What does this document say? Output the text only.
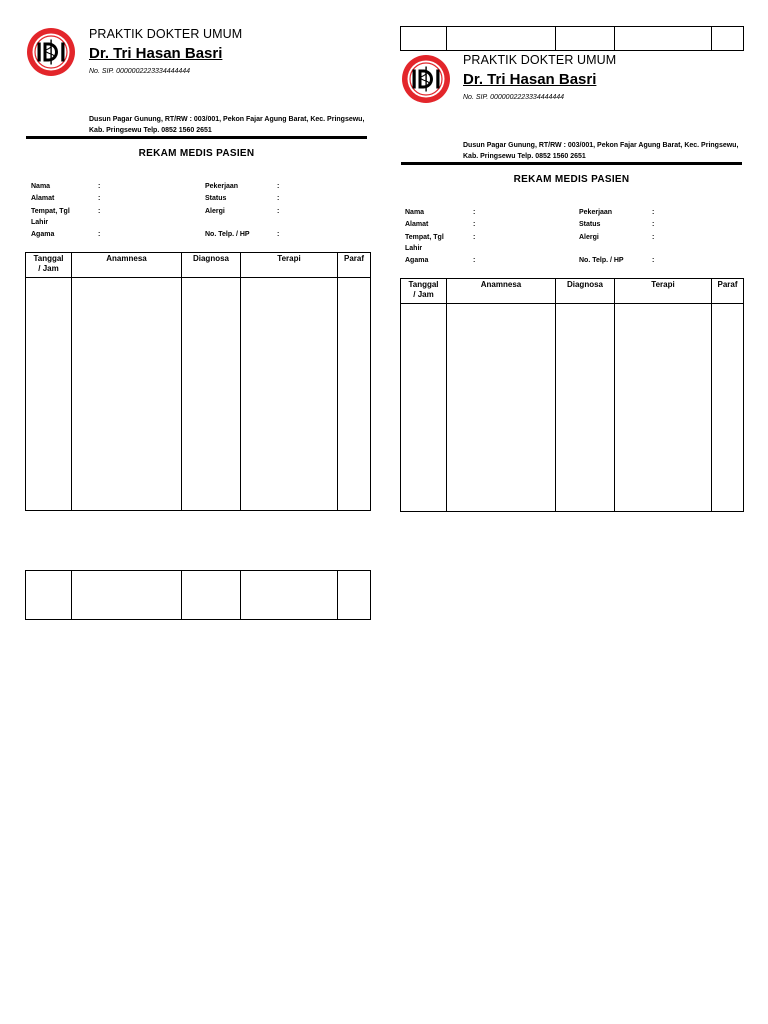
PRAKTIK DOKTER UMUM
Dr. Tri Hasan Basri
No. SIP. 0000002223334444444
Dusun Pagar Gunung, RT/RW : 003/001, Pekon Fajar Agung Barat, Kec. Pringsewu, Kab. Pringsewu Telp. 0852 1560 2651
REKAM MEDIS PASIEN
Nama	:
Alamat	:
Tempat, Tgl	:
Lahir
Agama	:
Pekerjaan	:
Status	:
Alergi	:
No. Telp. / HP	:
Tanggal
/ Jam	Anamnesa	Diagnosa	Terapi	Paraf

PRAKTIK DOKTER UMUM
Dr. Tri Hasan Basri
No. SIP. 0000002223334444444
Dusun Pagar Gunung, RT/RW : 003/001, Pekon Fajar Agung Barat, Kec. Pringsewu, Kab. Pringsewu Telp. 0852 1560 2651
REKAM MEDIS PASIEN
Nama	:
Alamat	:
Tempat, Tgl	:
Lahir
Agama	:
Pekerjaan	:
Status	:
Alergi	:
No. Telp. / HP	:
Tanggal
/ Jam	Anamnesa	Diagnosa	Terapi	Paraf
